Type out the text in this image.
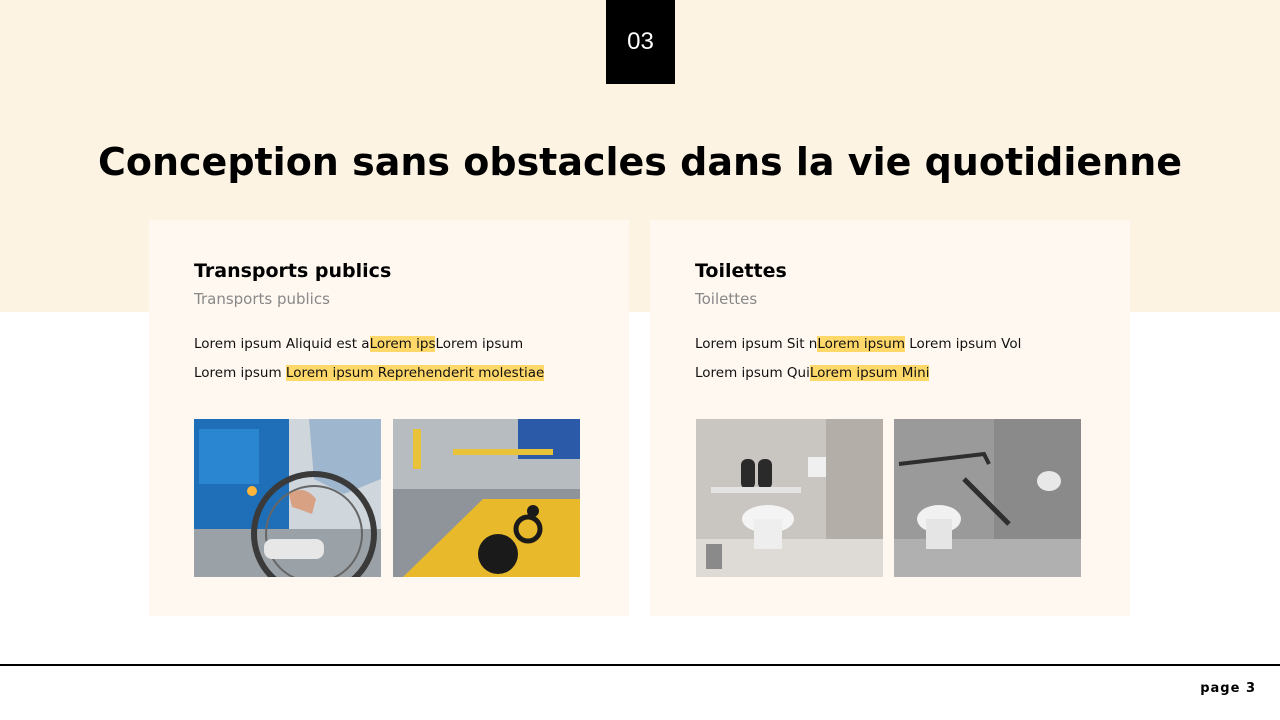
03
Conception sans obstacles dans la vie quotidienne
Transports publics
Transports publics
Lorem ipsum Aliquid est aLorem ipsLorem ipsum
Lorem ipsum Lorem ipsum Reprehenderit molestiae
Toilettes
Toilettes
Lorem ipsum Sit nLorem ipsum Lorem ipsum Vol
Lorem ipsum QuiLorem ipsum Mini
page 3
